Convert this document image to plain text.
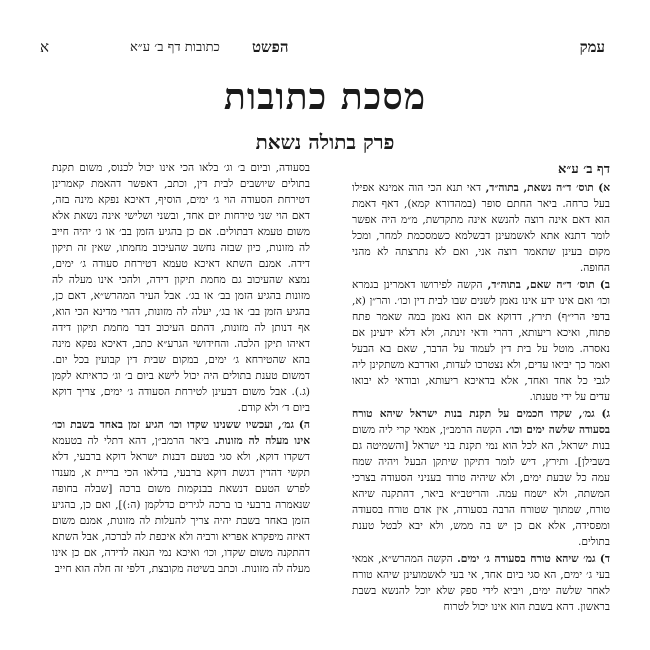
עמק
הפשט
כתובות דף ב׳ ע״א
א
מסכת כתובות
פרק בתולה נשאת
דף ב׳ ע״א
א) תוס׳ ד״ה נשאת, בתוה״ד, דאי תנא הכי הוה אמינא אפילו בעל כרחה. ביאר החתם סופר (במהדורא קמא), דאף דאמת הוא דאם אינה רוצה להנשא אינה מתקדשת, מ״מ היה אפשר לומר דתנא אתא לאשמעינן דבשלמא כשמסכמת למחר, ומכל מקום בעינן שתאמר רוצה אני, ואם לא נתרצתה לא מהני החופה.
ב) תוס׳ ד״ה שאם, בתוה״ד, הקשה לפירושו דאמרינן בגמרא וכו׳ ואם אינו ידע אינו נאמן לשנים שבו לבית דין וכו׳. והר״ן (א, בדפי הרי״ף) תירץ, דדוקא אם הוא נאמן במה שאמר פתח פתוח, ואיכא ריעותא, דהרי ודאי זינתה, ולא דלא ידעינן אם נאסרה. מוטל על בית דין לעמוד על הדבר, שאם בא הבעל ואמר כך יביאו עדים, ולא נצטרכו לעדות, ואדרבא משתקינן ליה לגבי כל אחד ואחד, אלא בדאיכא ריעותא, ובודאי לא יבואו עדים על ידי טענתו.
ג) גמ׳, שקדו חכמים על תקנת בנות ישראל שיהא טורח בסעודה שלשה ימים וכו׳. הקשה הרמב״ן, אמאי קרי ליה משום בנות ישראל, הא לכל הוא נמי תקנת בני ישראל [והשמיטה גם בשבילן]. ותירץ, דיש לומר דתיקון שיתקן הבעל ויהיה שמח עמה כל שבעת ימים, ולא שיהיה טרוד בעניני הסעודה בצרכי המשתה, ולא ישמח עמה. והריטב״א ביאר, דהתקנה שיהא טורח, שמתוך שטורח הרבה בסעודה, אין אדם טורח בסעודה ומפסידה, אלא אם כן יש בה ממש, ולא יבא לבטל טענת בתולים.
ד) גמ׳ שיהא טורח בסעודה ג׳ ימים. הקשה המהרש״א, אמאי בעי ג׳ ימים, הא סגי ביום אחד, אי בעי לאשמועינן שיהא טורח לאחר שלשה ימים, ויביא לידי ספק שלא יוכל להנשא בשבת בראשון. דהא בשבת הוא אינו יכול לטרוח
בסעודה, וביום ב׳ וג׳ בלאו הכי אינו יכול לכנוס, משום תקנת בתולים שיושבים לבית דין, וכתב, דאפשר דהאמת קאמרינן דטירחת הסעודה הוי ג׳ ימים, הוסיף, דאיכא נפקא מינה בזה, דאם הוי שני טירחות יום אחד, ובשני ושלישי אינה נשאת אלא משום טעמא דבתולים. אם כן בהגיע הזמן בב׳ או ג׳ יהיה חייב לה מזונות, כיון שבזה נחשב שהעיכוב מחמתו, שאין זה תיקון דידה. אמנם השתא דאיכא טעמא דטירחת סעודה ג׳ ימים, נמצא שהעיכוב גם מחמת תיקון דידה, ולהכי אינו מעלה לה מזונות בהגיע הזמן בב׳ או בג׳. אבל העיר המהרש״א, דאם כן, בהגיע הזמן בב׳ או בג׳, יעלה לה מזונות, דהרי מדינא הכי הוא, אף דנותן לה מזונות, דהתם העיכוב דבר מחמת תיקון דידה דאיהו תיקן הלכה. והחידושי הגרע״א כתב, דאיכא נפקא מינה בהא שהטירחא ג׳ ימים, במקום שבית דין קבועין בכל יום. דמשום טענת בתולים היה יכול לישא ביום ב׳ וג׳ כראיתא לקמן (ג.). אבל משום דבעינן לטירחת הסעודה ג׳ ימים, צריך דוקא ביום ד׳ ולא קודם.
ה) גמ׳, ועכשיו ששנינו שקדו וכו׳ הגיע זמן באחד בשבת וכו׳ אינו מעלה לה מזונות. ביאר הרמב״ן, דהא דתלי לה בטעמא דשקדו דוקא, ולא סגי בטעם דבנות ישראל דוקא ברבעי, דלא תקשי דהדין דגשת דוקא ברבעי, בדלאו הכי בריית א, מענדו לפרש הטעם דנשאת בבנקמות משום ברכה [שבלה בחופה שנאמרה ברבעי בו ברכה לגירים כדלקמן (ה:)], ואם כן, בהגיע הזמן באחד בשבת יהיה צריך להעלות לה מזונות, אמנם משום דאיזה מיפקרא אפריא ורביה ולא איכפת לה לברכה, אבל השתא דהתקנה משום שקדו, וכו׳ ואיכא נמי הנאה לדידה, אם כן אינו מעלה לה מזונות. וכתב בשיטה מקובצת, דלפי זה חלה הוא חייב
